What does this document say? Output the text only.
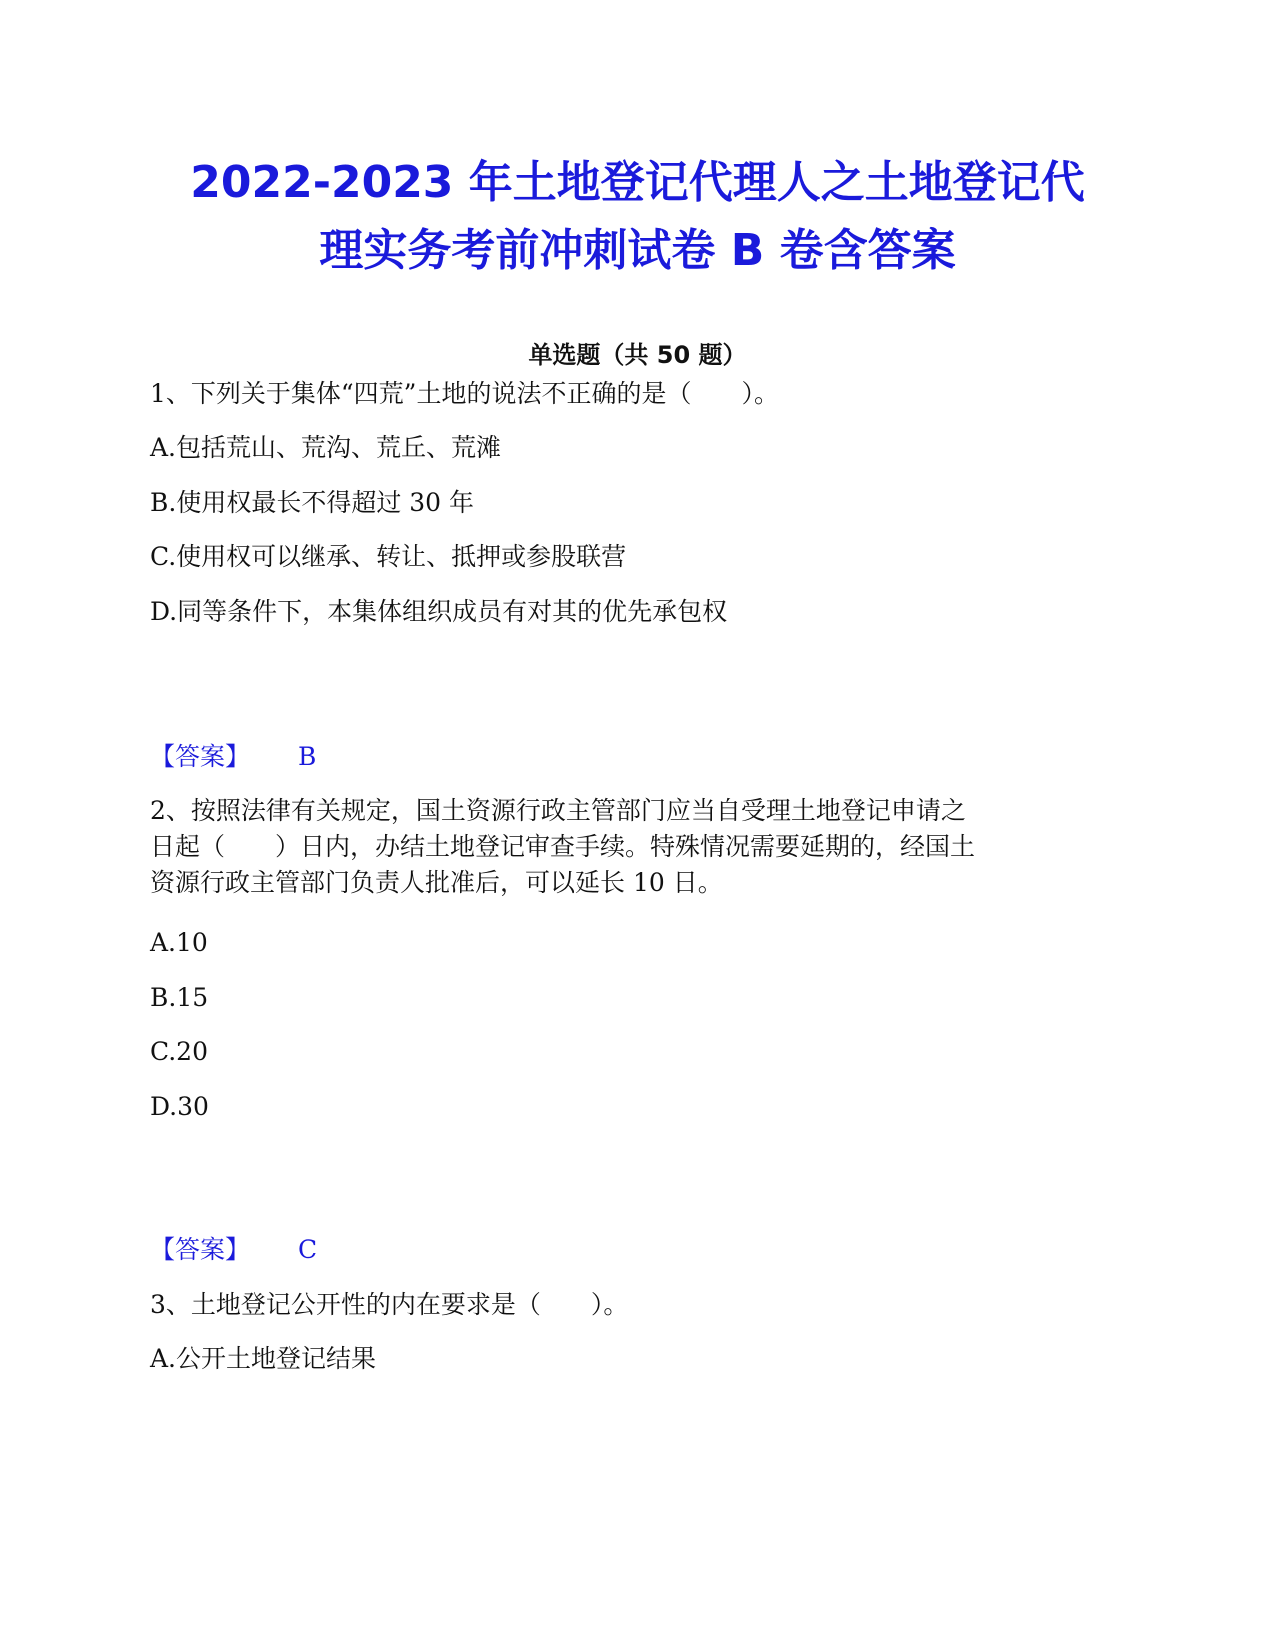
2022-2023 年土地登记代理人之土地登记代
理实务考前冲刺试卷 B 卷含答案
单选题（共 50 题）
1、下列关于集体“四荒”土地的说法不正确的是（　　）。
A.包括荒山、荒沟、荒丘、荒滩
B.使用权最长不得超过 30 年
C.使用权可以继承、转让、抵押或参股联营
D.同等条件下，本集体组织成员有对其的优先承包权
【答案】 B
2、按照法律有关规定，国土资源行政主管部门应当自受理土地登记申请之
日起（　　）日内，办结土地登记审查手续。特殊情况需要延期的，经国土
资源行政主管部门负责人批准后，可以延长 10 日。
A.10
B.15
C.20
D.30
【答案】 C
3、土地登记公开性的内在要求是（　　）。
A.公开土地登记结果
